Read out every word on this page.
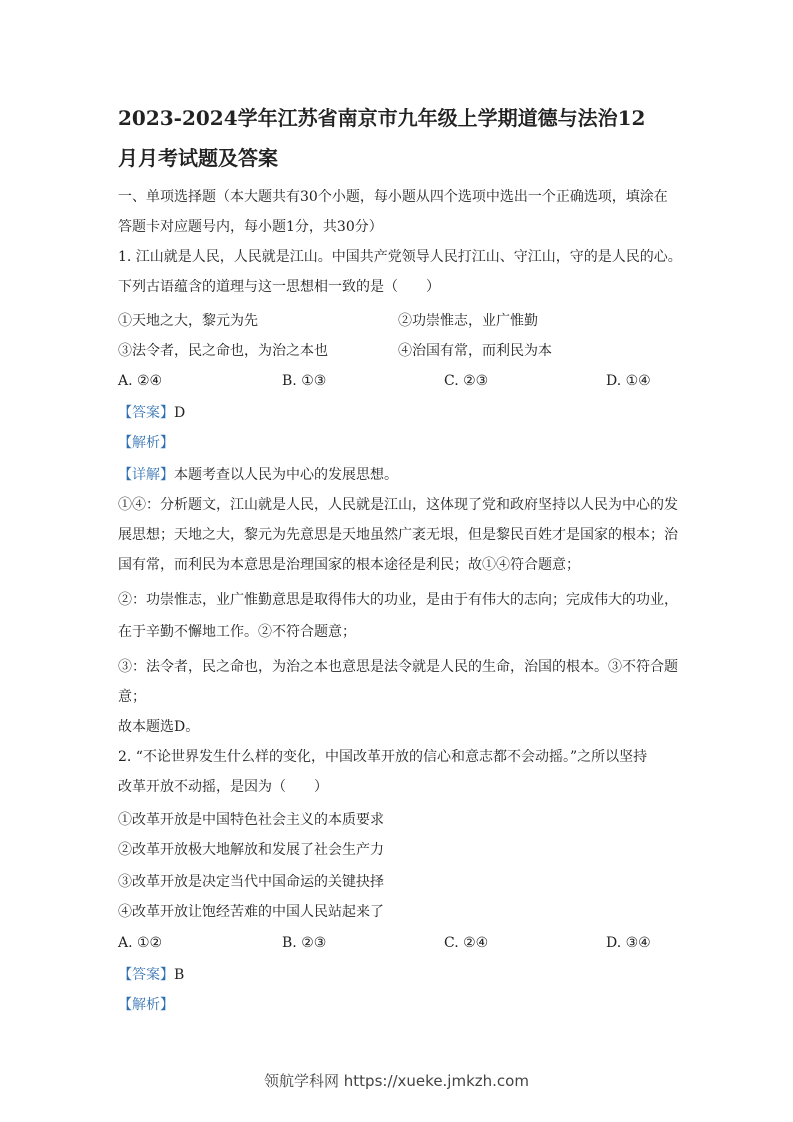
2023-2024学年江苏省南京市九年级上学期道德与法治12
月月考试题及答案

一、单项选择题（本大题共有30个小题，每小题从四个选项中选出一个正确选项，填涂在

答题卡对应题号内，每小题1分，共30分）

1. 江山就是人民，人民就是江山。中国共产党领导人民打江山、守江山，守的是人民的心。

下列古语蕴含的道理与这一思想相一致的是（　　）

①天地之大，黎元为先	②功崇惟志，业广惟勤
③法令者，民之命也，为治之本也	④治国有常，而利民为本
A. ②④	B. ①③	C. ②③	D. ①④

【答案】D

【解析】

【详解】本题考查以人民为中心的发展思想。

①④：分析题文，江山就是人民，人民就是江山，这体现了党和政府坚持以人民为中心的发

展思想；天地之大，黎元为先意思是天地虽然广袤无垠，但是黎民百姓才是国家的根本；治

国有常，而利民为本意思是治理国家的根本途径是利民；故①④符合题意；

②：功崇惟志，业广惟勤意思是取得伟大的功业，是由于有伟大的志向；完成伟大的功业，

在于辛勤不懈地工作。②不符合题意；

③：法令者，民之命也，为治之本也意思是法令就是人民的生命，治国的根本。③不符合题

意；

故本题选D。

2. “不论世界发生什么样的变化，中国改革开放的信心和意志都不会动摇。”之所以坚持

改革开放不动摇，是因为（　　）

①改革开放是中国特色社会主义的本质要求
②改革开放极大地解放和发展了社会生产力
③改革开放是决定当代中国命运的关键抉择
④改革开放让饱经苦难的中国人民站起来了
A. ①②	B. ②③	C. ②④	D. ③④

【答案】B

【解析】

领航学科网 https://xueke.jmkzh.com
